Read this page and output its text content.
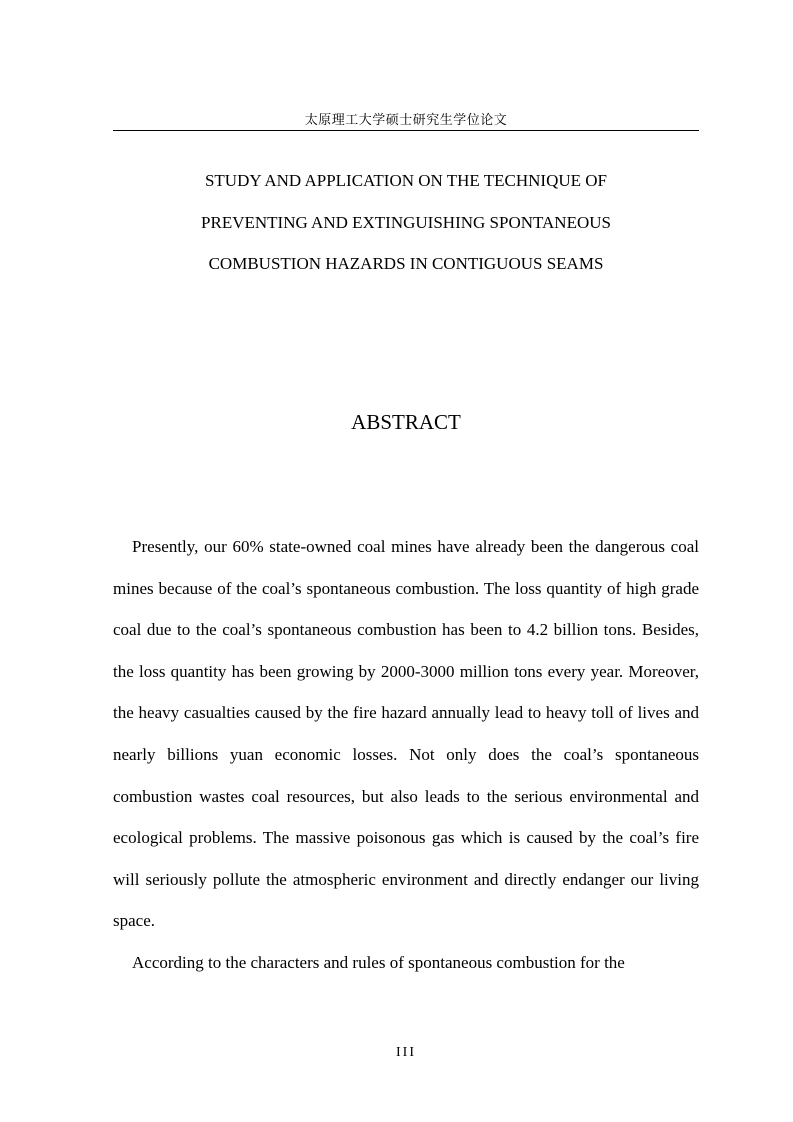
太原理工大学硕士研究生学位论文
STUDY AND APPLICATION ON THE TECHNIQUE OF
PREVENTING AND EXTINGUISHING SPONTANEOUS
COMBUSTION HAZARDS IN CONTIGUOUS SEAMS
ABSTRACT

Presently, our 60% state-owned coal mines have already been the dangerous coal mines because of the coal’s spontaneous combustion. The loss quantity of high grade coal due to the coal’s spontaneous combustion has been to 4.2 billion tons. Besides, the loss quantity has been growing by 2000-3000 million tons every year. Moreover, the heavy casualties caused by the fire hazard annually lead to heavy toll of lives and nearly billions yuan economic losses. Not only does the coal’s spontaneous combustion wastes coal resources, but also leads to the serious environmental and ecological problems. The massive poisonous gas which is caused by the coal’s fire will seriously pollute the atmospheric environment and directly endanger our living space.

According to the characters and rules of spontaneous combustion for the

III
